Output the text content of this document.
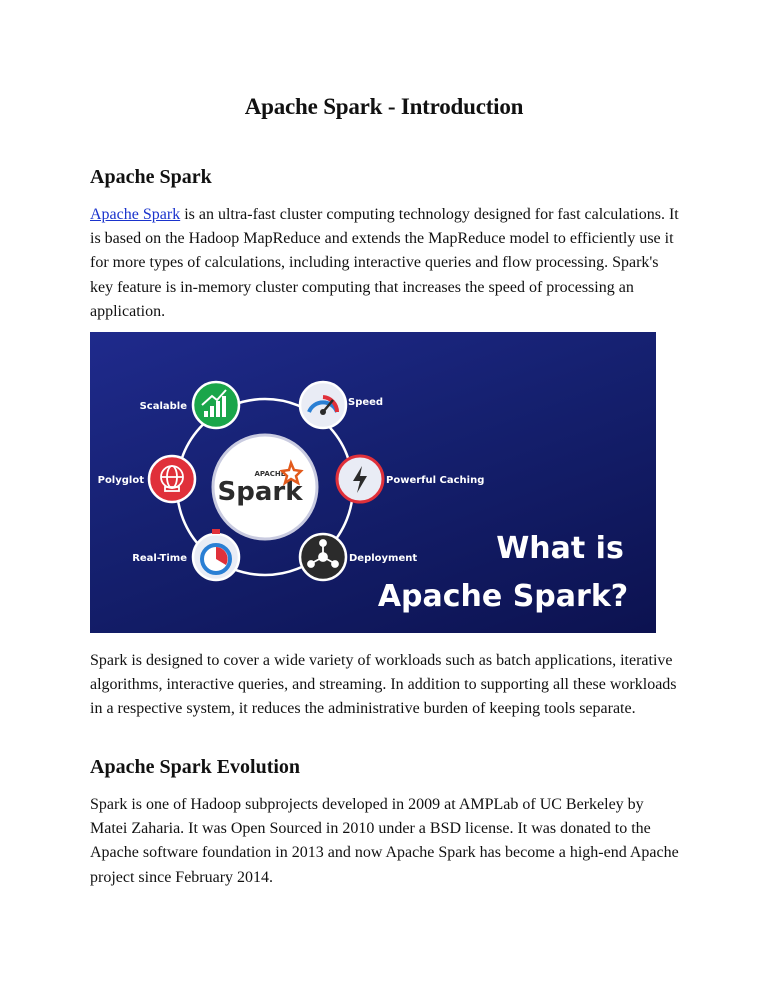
Apache Spark - Introduction
Apache Spark

Apache Spark is an ultra-fast cluster computing technology designed for fast calculations. It is based on the Hadoop MapReduce and extends the MapReduce model to efficiently use it for more types of calculations, including interactive queries and flow processing. Spark's key feature is in-memory cluster computing that increases the speed of processing an application.

APACHE
Spark
Scalable	Speed
Polyglot	Powerful Caching
Real-Time	Deployment	What is
Apache Spark?

Spark is designed to cover a wide variety of workloads such as batch applications, iterative algorithms, interactive queries, and streaming. In addition to supporting all these workloads in a respective system, it reduces the administrative burden of keeping tools separate.

Apache Spark Evolution

Spark is one of Hadoop subprojects developed in 2009 at AMPLab of UC Berkeley by Matei Zaharia. It was Open Sourced in 2010 under a BSD license. It was donated to the Apache software foundation in 2013 and now Apache Spark has become a high-end Apache project since February 2014.
